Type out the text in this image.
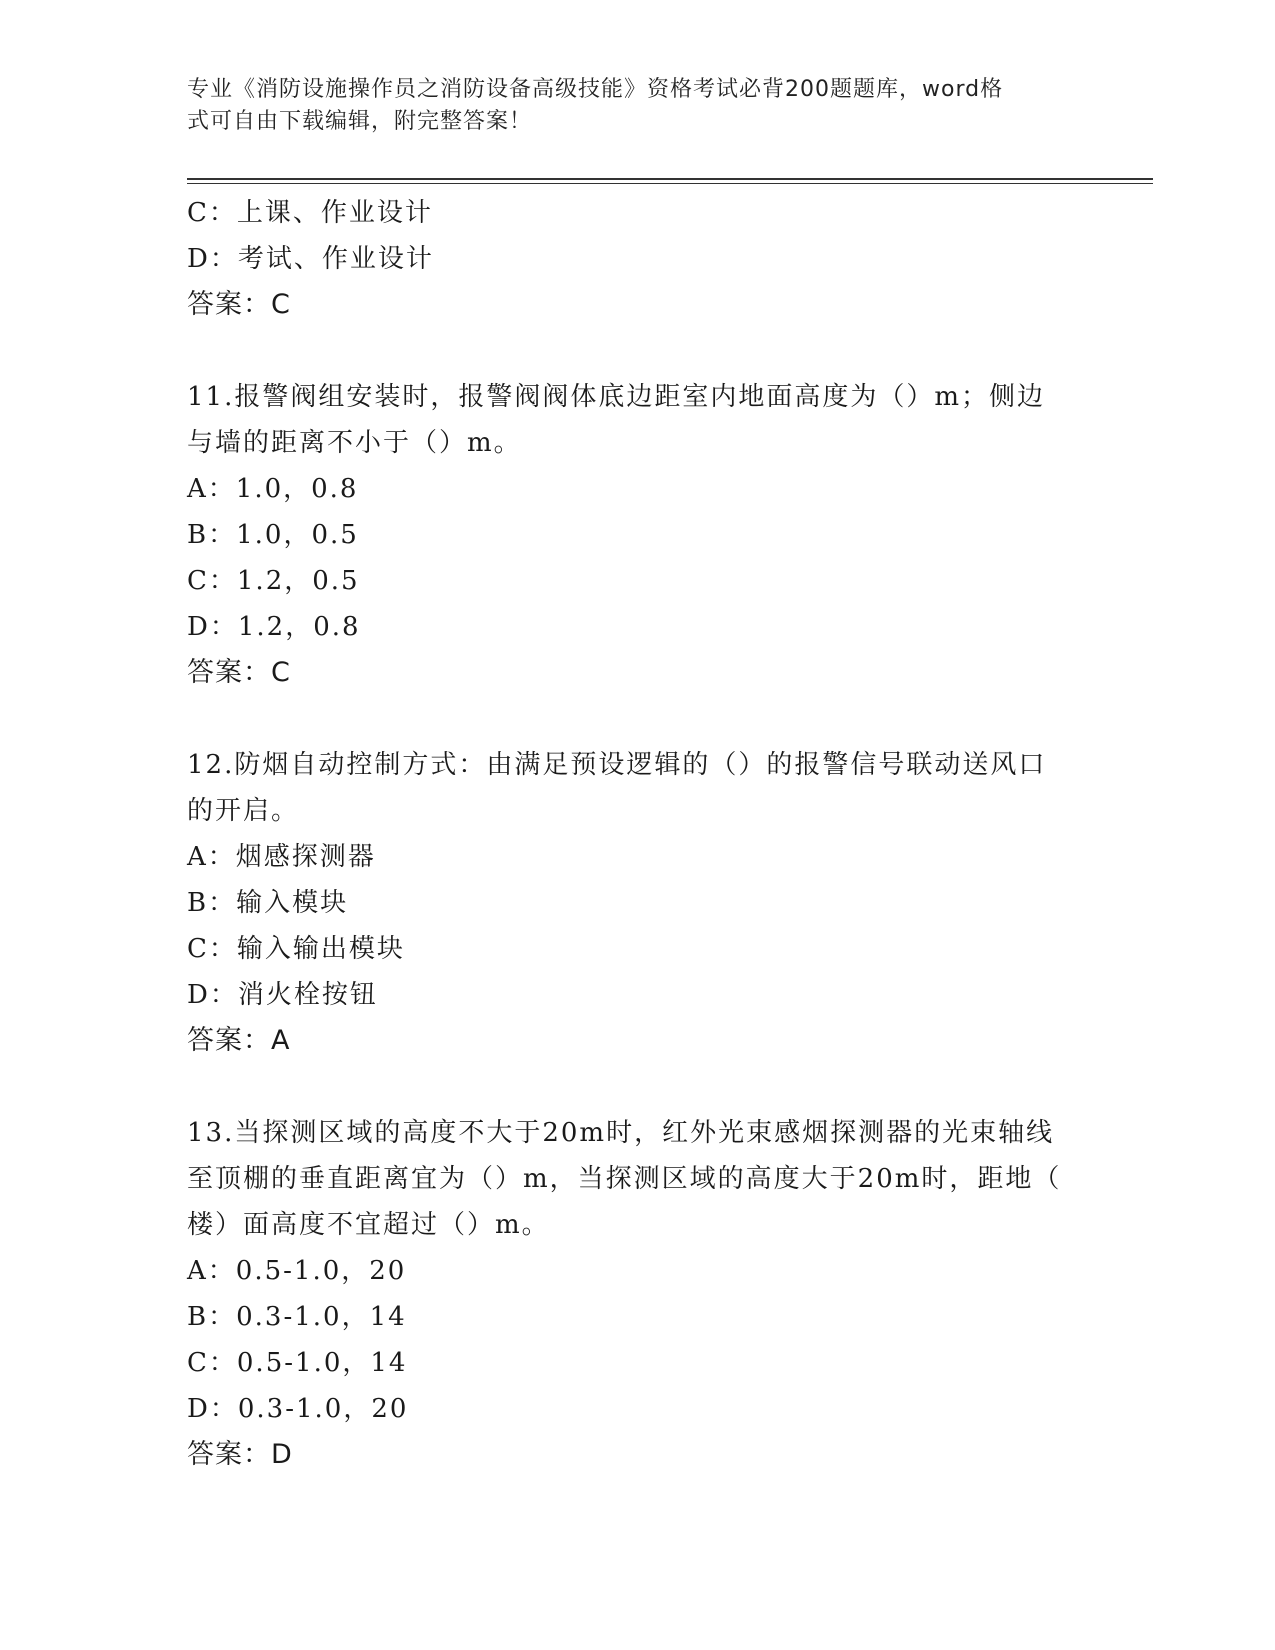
专业《消防设施操作员之消防设备高级技能》资格考试必背200题题库，word格
式可自由下载编辑，附完整答案！
C：上课、作业设计
D：考试、作业设计
答案：C
11.报警阀组安装时，报警阀阀体底边距室内地面高度为（）m；侧边
与墙的距离不小于（）m。
A：1.0，0.8
B：1.0，0.5
C：1.2，0.5
D：1.2，0.8
答案：C
12.防烟自动控制方式：由满足预设逻辑的（）的报警信号联动送风口
的开启。
A：烟感探测器
B：输入模块
C：输入输出模块
D：消火栓按钮
答案：A
13.当探测区域的高度不大于20m时，红外光束感烟探测器的光束轴线
至顶棚的垂直距离宜为（）m，当探测区域的高度大于20m时，距地（
楼）面高度不宜超过（）m。
A：0.5-1.0，20
B：0.3-1.0，14
C：0.5-1.0，14
D：0.3-1.0，20
答案：D
